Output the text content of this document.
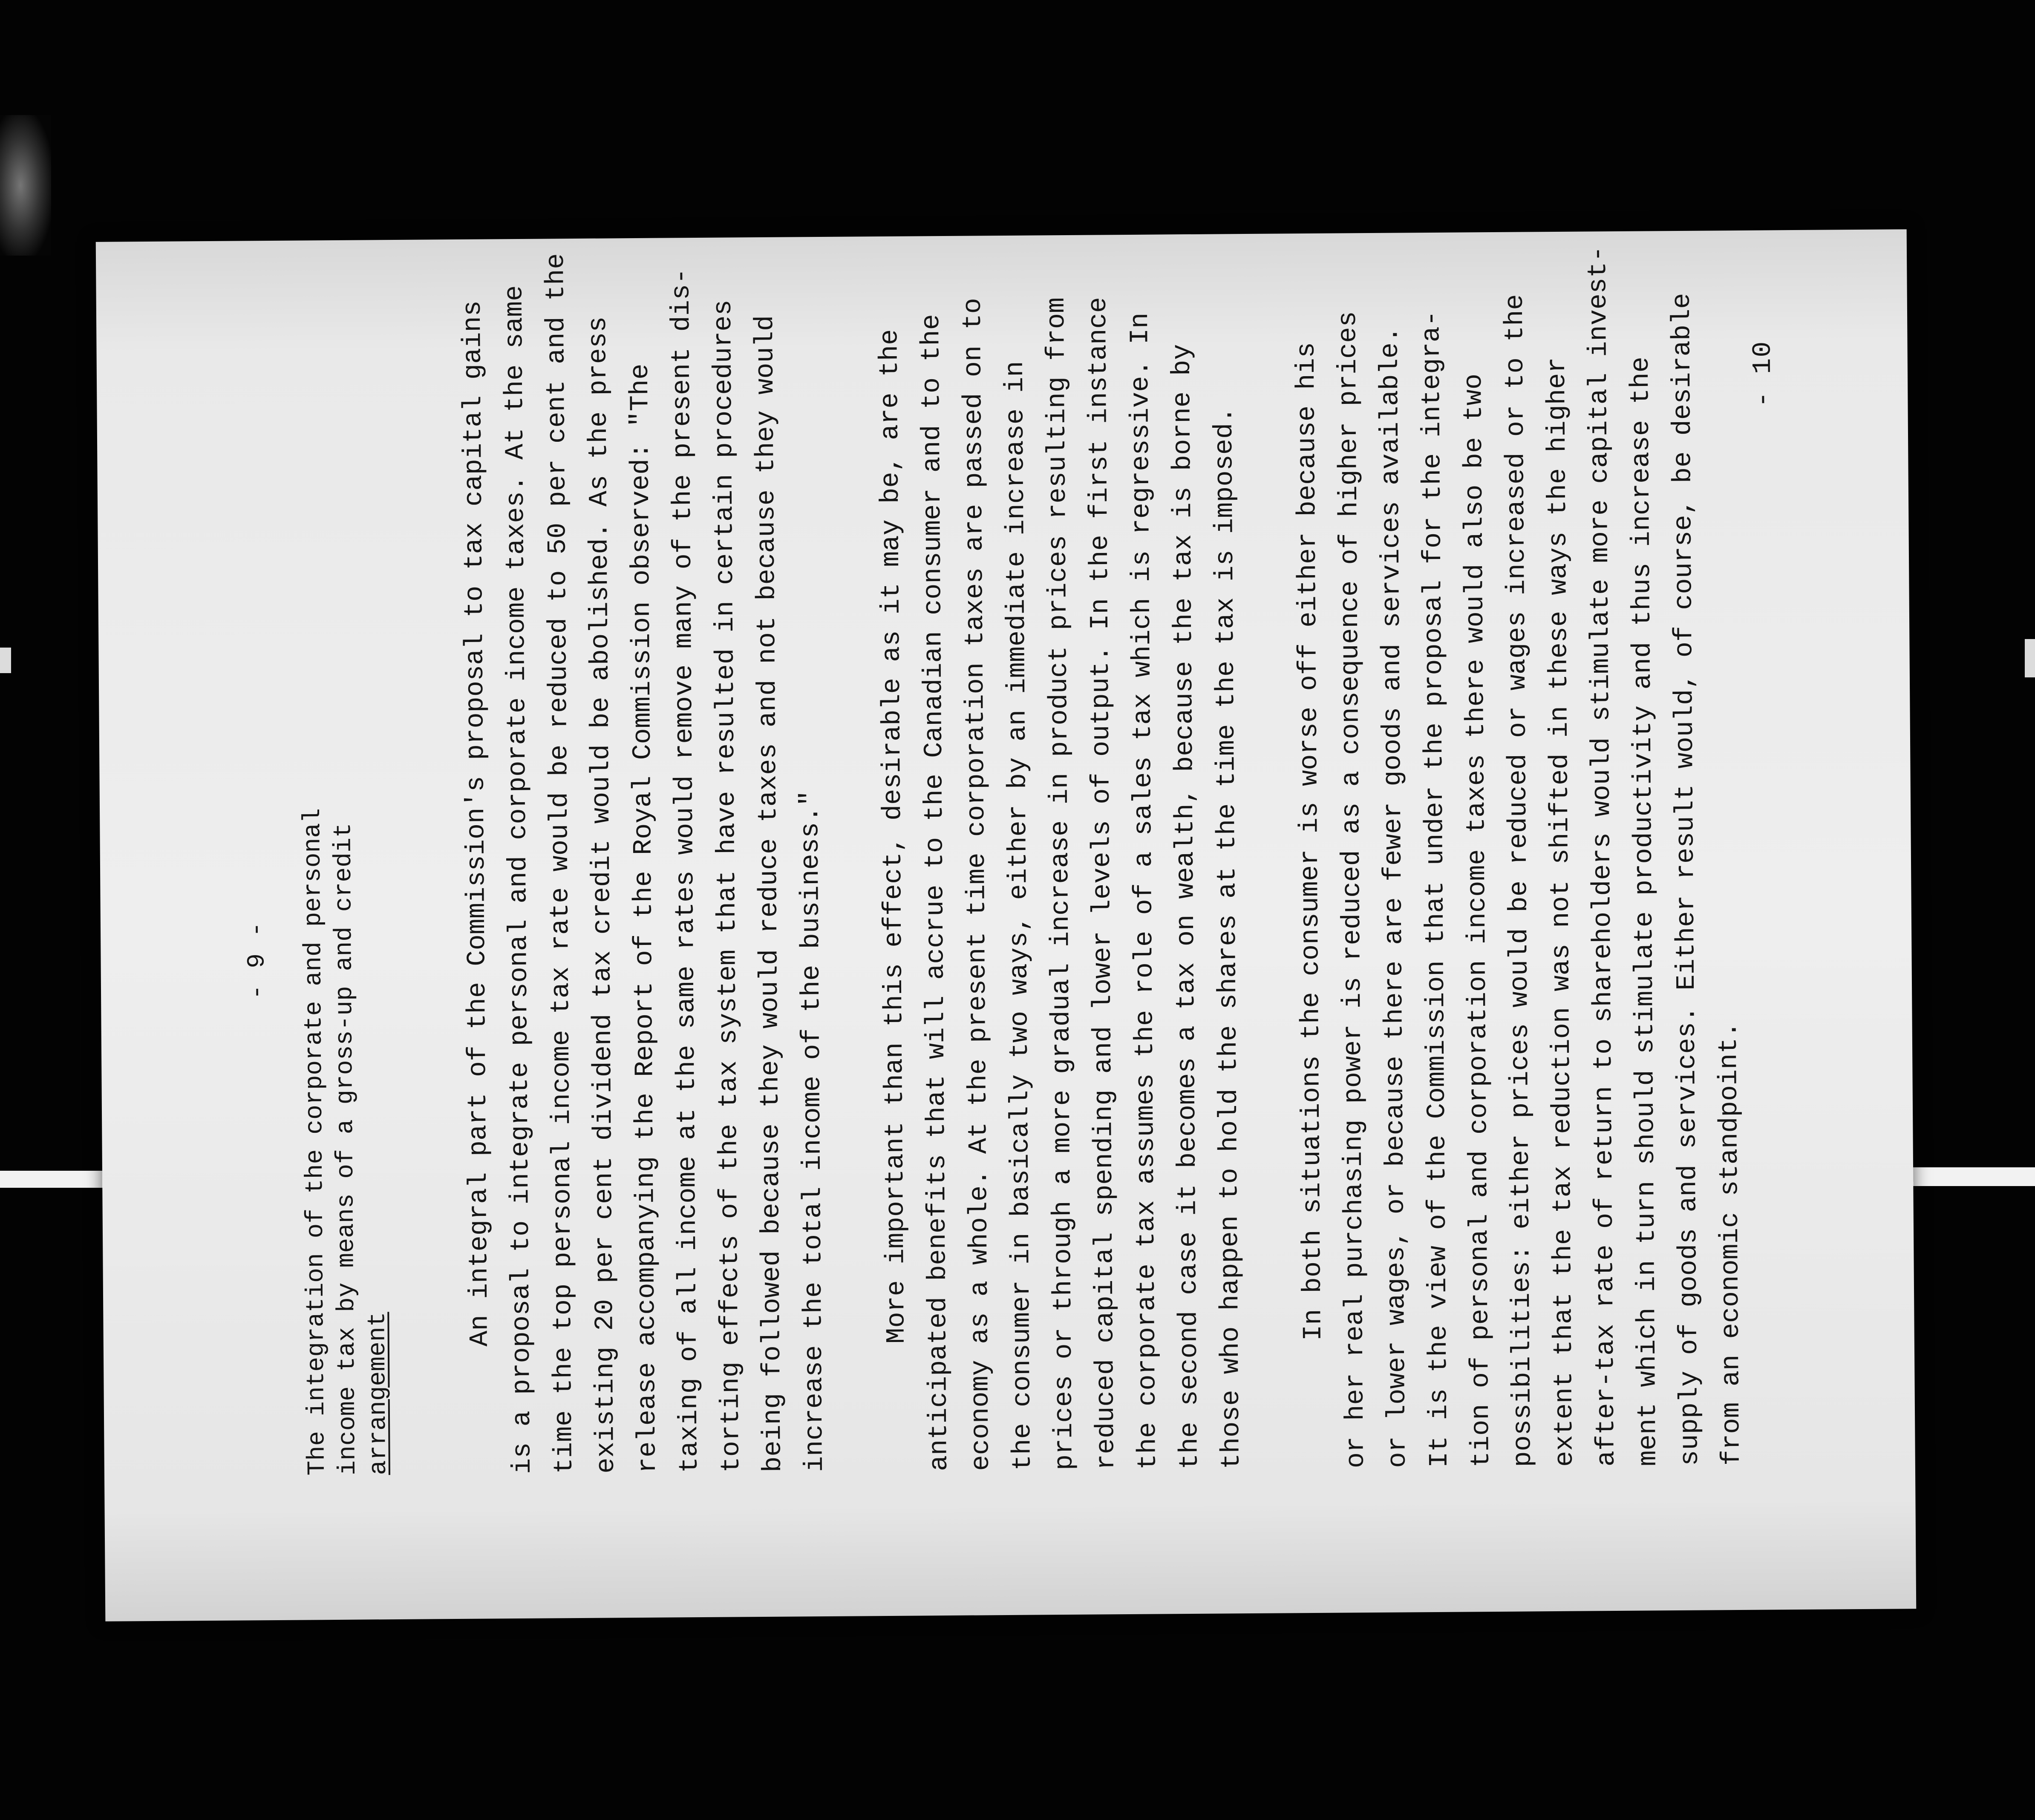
- 9 - The integration of the corporate and personal
income tax by means of a gross-up and credit arrangement
An integral part of the Commission's proposal to tax capital gains is a proposal to integrate personal and corporate income taxes. At the same time the top personal income tax rate would be reduced to 50 per cent and the existing 20 per cent dividend tax credit would be abolished. As the press release accompanying the Report of the Royal Commission observed: "The taxing of all income at the same rates would remove many of the present dis- torting effects of the tax system that have resulted in certain procedures being followed because they would reduce taxes and not because they would increase the total income of the business." More important than this effect, desirable as it may be, are the anticipated benefits that will accrue to the Canadian consumer and to the economy as a whole. At the present time corporation taxes are passed on to the consumer in basically two ways, either by an immediate increase in prices or through a more gradual increase in product prices resulting from reduced capital spending and lower levels of output. In the first instance the corporate tax assumes the role of a sales tax which is regressive. In the second case it becomes a tax on wealth, because the tax is borne by those who happen to hold the shares at the time the tax is imposed. In both situations the consumer is worse off either because his or her real purchasing power is reduced as a consequence of higher prices or lower wages, or because there are fewer goods and services available. It is the view of the Commission that under the proposal for the integra- tion of personal and corporation income taxes there would also be two possibilities: either prices would be reduced or wages increased or to the extent that the tax reduction was not shifted in these ways the higher after-tax rate of return to shareholders would stimulate more capital invest- ment which in turn should stimulate productivity and thus increase the supply of goods and services. Either result would, of course, be desirable from an economic standpoint.
- 10
